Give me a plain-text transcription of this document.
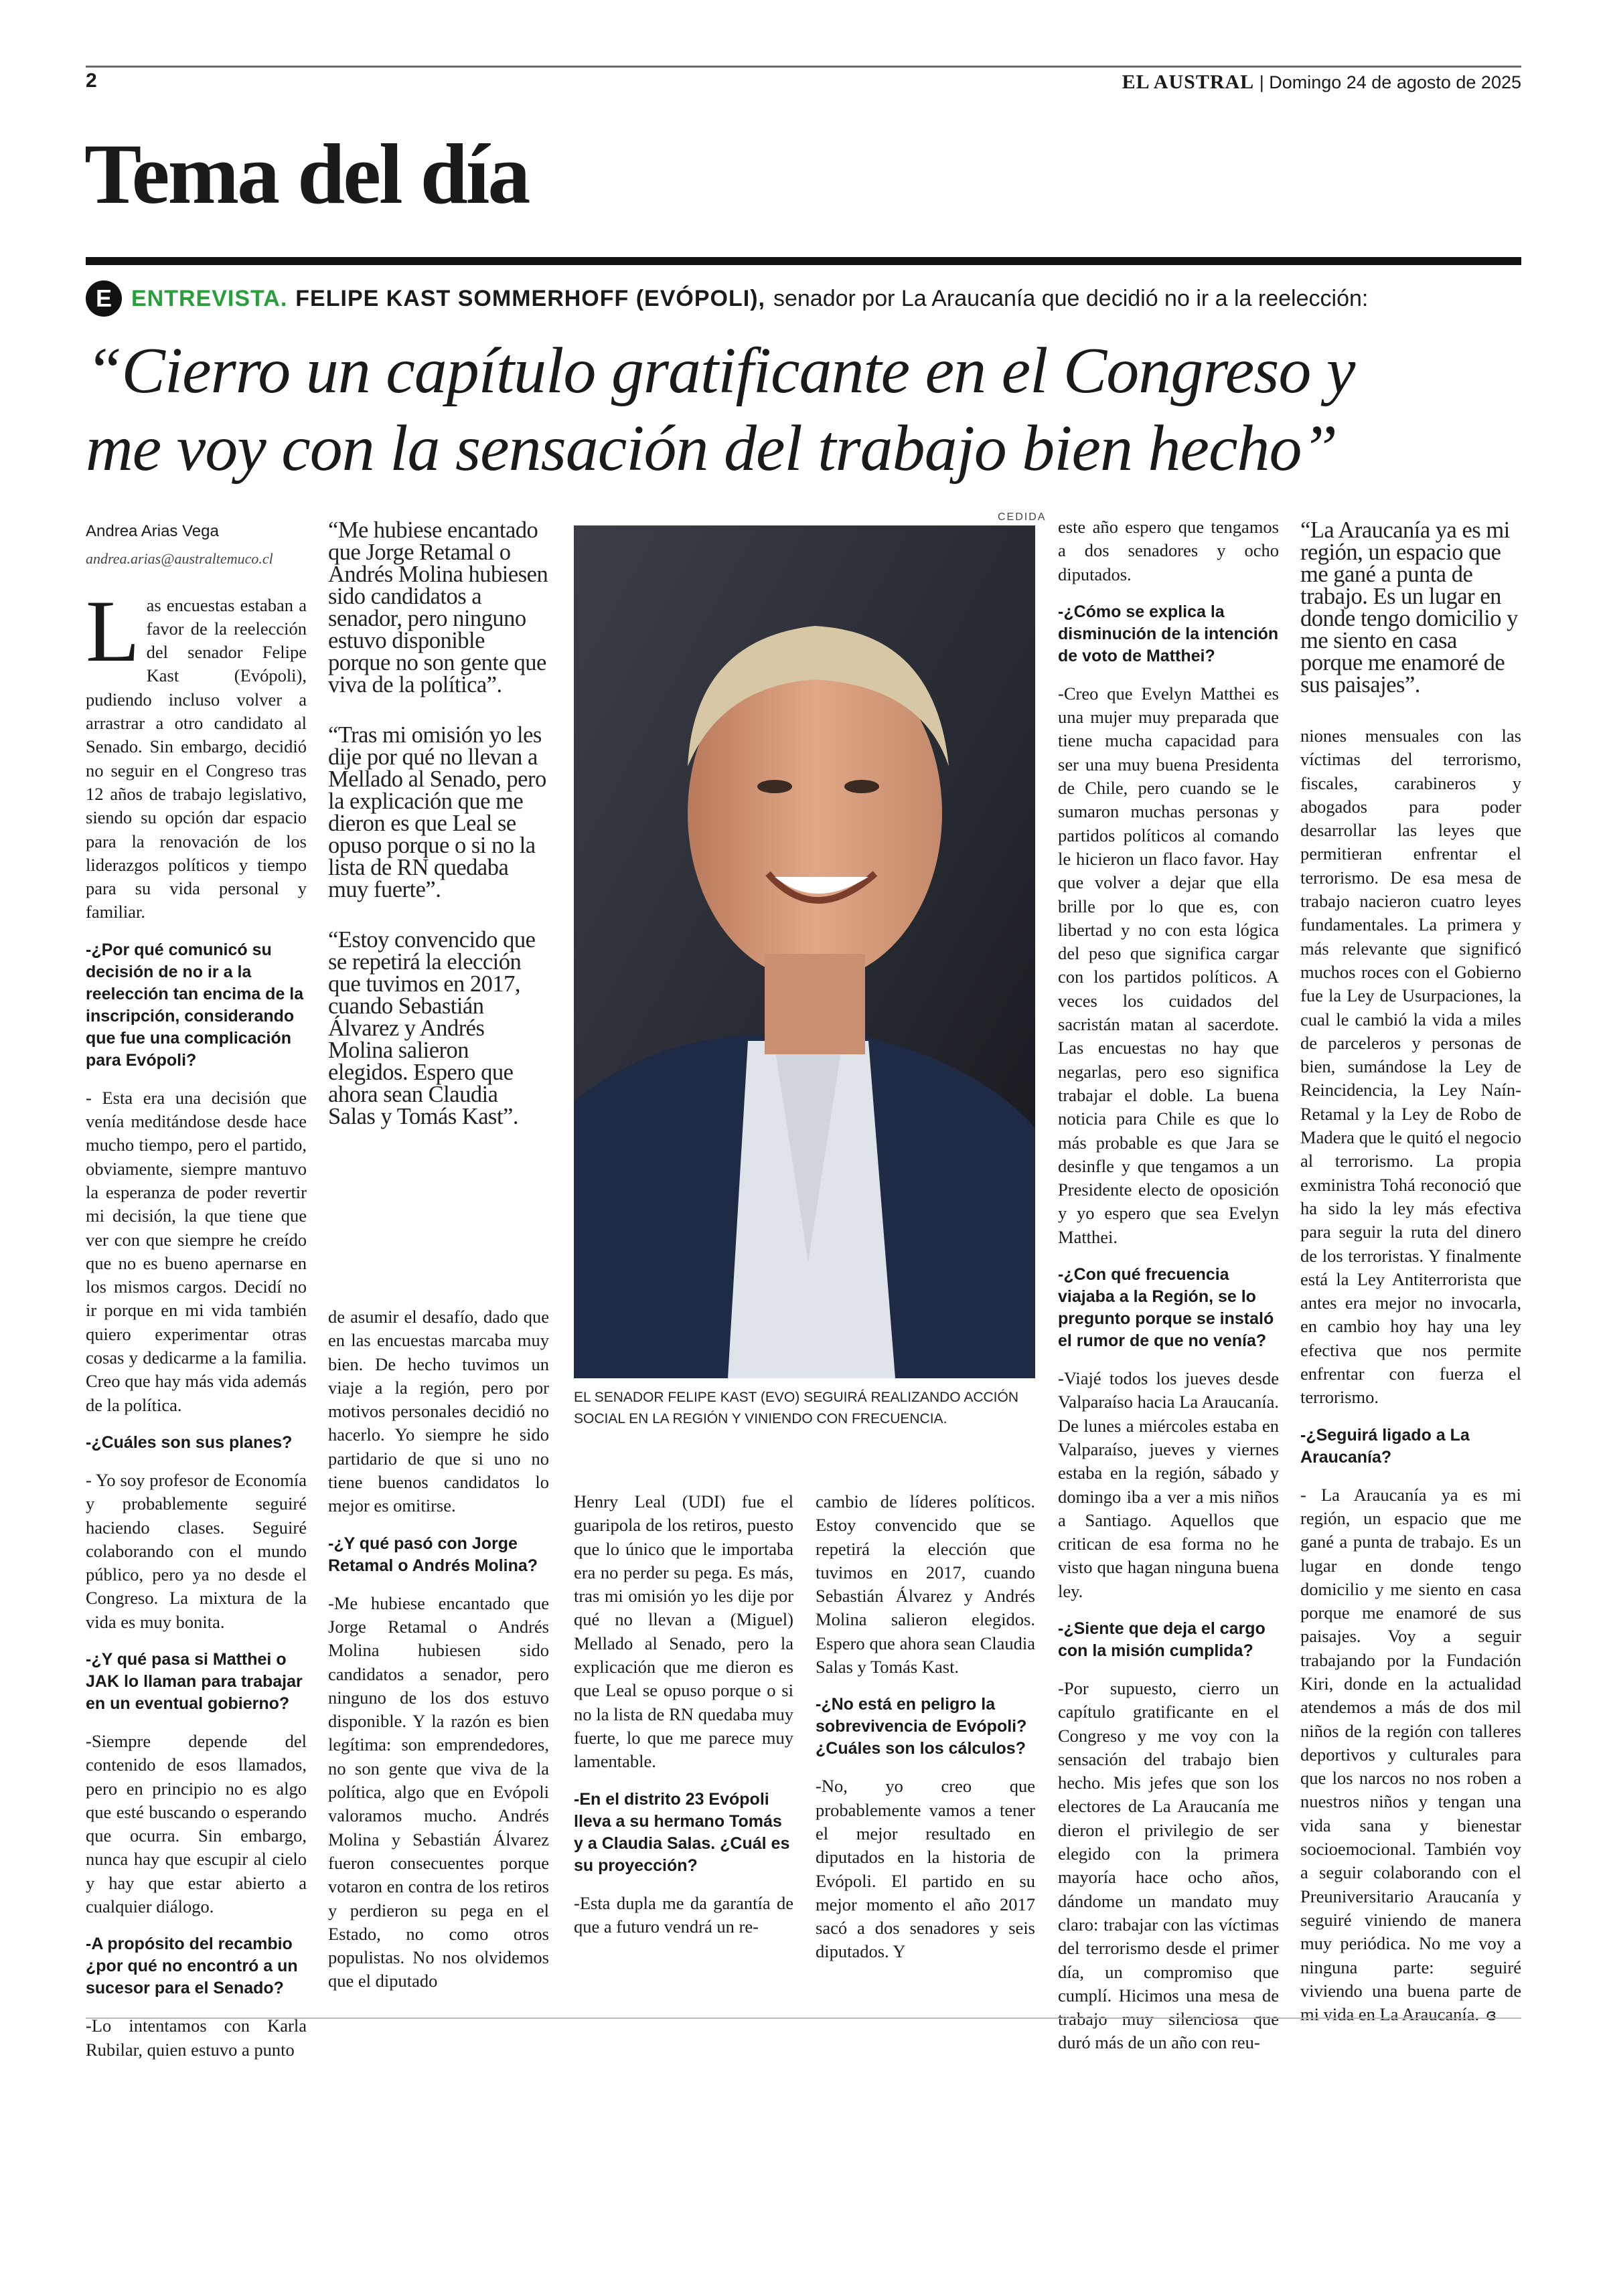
2	EL AUSTRAL | Domingo 24 de agosto de 2025
Tema del día
E ENTREVISTA. FELIPE KAST SOMMERHOFF (EVÓPOLI), senador por La Araucanía que decidió no ir a la reelección:
“Cierro un capítulo gratificante en el Congreso y
me voy con la sensación del trabajo bien hecho”
Andrea Arias Vega
andrea.arias@australtemuco.cl

Las encuestas estaban a favor de la reelección del senador Felipe Kast (Evópoli), pudiendo incluso volver a arrastrar a otro candidato al Senado. Sin embargo, decidió no seguir en el Congreso tras 12 años de trabajo legislativo, siendo su opción dar espacio para la renovación de los liderazgos políticos y tiempo para su vida personal y familiar.

-¿Por qué comunicó su decisión de no ir a la reelección tan encima de la inscripción, considerando que fue una complicación para Evópoli?

- Esta era una decisión que venía meditándose desde hace mucho tiempo, pero el partido, obviamente, siempre mantuvo la esperanza de poder revertir mi decisión, la que tiene que ver con que siempre he creído que no es bueno apernarse en los mismos cargos. Decidí no ir porque en mi vida también quiero experimentar otras cosas y dedicarme a la familia. Creo que hay más vida además de la política.

-¿Cuáles son sus planes?

- Yo soy profesor de Economía y probablemente seguiré haciendo clases. Seguiré colaborando con el mundo público, pero ya no desde el Congreso. La mixtura de la vida es muy bonita.

-¿Y qué pasa si Matthei o JAK lo llaman para trabajar en un eventual gobierno?

-Siempre depende del contenido de esos llamados, pero en principio no es algo que esté buscando o esperando que ocurra. Sin embargo, nunca hay que escupir al cielo y hay que estar abierto a cualquier diálogo.

-A propósito del recambio ¿por qué no encontró a un sucesor para el Senado?

-Lo intentamos con Karla Rubilar, quien estuvo a punto

“Me hubiese encantado que Jorge Retamal o Andrés Molina hubiesen sido candidatos a senador, pero ninguno estuvo disponible porque no son gente que viva de la política”.
“Tras mi omisión yo les dije por qué no llevan a Mellado al Senado, pero la explicación que me dieron es que Leal se opuso porque o si no la lista de RN quedaba muy fuerte”.
“Estoy convencido que se repetirá la elección que tuvimos en 2017, cuando Sebastián Álvarez y Andrés Molina salieron elegidos. Espero que ahora sean Claudia Salas y Tomás Kast”.

de asumir el desafío, dado que en las encuestas marcaba muy bien. De hecho tuvimos un viaje a la región, pero por motivos personales decidió no hacerlo. Yo siempre he sido partidario de que si uno no tiene buenos candidatos lo mejor es omitirse.

-¿Y qué pasó con Jorge Retamal o Andrés Molina?

-Me hubiese encantado que Jorge Retamal o Andrés Molina hubiesen sido candidatos a senador, pero ninguno de los dos estuvo disponible. Y la razón es bien legítima: son emprendedores, no son gente que viva de la política, algo que en Evópoli valoramos mucho. Andrés Molina y Sebastián Álvarez fueron consecuentes porque votaron en contra de los retiros y perdieron su pega en el Estado, no como otros populistas. No nos olvidemos que el diputado

CEDIDA
EL SENADOR FELIPE KAST (EVO) SEGUIRÁ REALIZANDO ACCIÓN SOCIAL EN LA REGIÓN Y VINIENDO CON FRECUENCIA.

Henry Leal (UDI) fue el guaripola de los retiros, puesto que lo único que le importaba era no perder su pega. Es más, tras mi omisión yo les dije por qué no llevan a (Miguel) Mellado al Senado, pero la explicación que me dieron es que Leal se opuso porque o si no la lista de RN quedaba muy fuerte, lo que me parece muy lamentable.

-En el distrito 23 Evópoli lleva a su hermano Tomás y a Claudia Salas. ¿Cuál es su proyección?

-Esta dupla me da garantía de que a futuro vendrá un re-

cambio de líderes políticos. Estoy convencido que se repetirá la elección que tuvimos en 2017, cuando Sebastián Álvarez y Andrés Molina salieron elegidos. Espero que ahora sean Claudia Salas y Tomás Kast.

-¿No está en peligro la sobrevivencia de Evópoli? ¿Cuáles son los cálculos?

-No, yo creo que probablemente vamos a tener el mejor resultado en diputados en la historia de Evópoli. El partido en su mejor momento el año 2017 sacó a dos senadores y seis diputados. Y

este año espero que tengamos a dos senadores y ocho diputados.

-¿Cómo se explica la disminución de la intención de voto de Matthei?

-Creo que Evelyn Matthei es una mujer muy preparada que tiene mucha capacidad para ser una muy buena Presidenta de Chile, pero cuando se le sumaron muchas personas y partidos políticos al comando le hicieron un flaco favor. Hay que volver a dejar que ella brille por lo que es, con libertad y no con esta lógica del peso que significa cargar con los partidos políticos. A veces los cuidados del sacristán matan al sacerdote. Las encuestas no hay que negarlas, pero eso significa trabajar el doble. La buena noticia para Chile es que lo más probable es que Jara se desinfle y que tengamos a un Presidente electo de oposición y yo espero que sea Evelyn Matthei.

-¿Con qué frecuencia viajaba a la Región, se lo pregunto porque se instaló el rumor de que no venía?

-Viajé todos los jueves desde Valparaíso hacia La Araucanía. De lunes a miércoles estaba en Valparaíso, jueves y viernes estaba en la región, sábado y domingo iba a ver a mis niños a Santiago. Aquellos que critican de esa forma no he visto que hagan ninguna buena ley.

-¿Siente que deja el cargo con la misión cumplida?

-Por supuesto, cierro un capítulo gratificante en el Congreso y me voy con la sensación del trabajo bien hecho. Mis jefes que son los electores de La Araucanía me dieron el privilegio de ser elegido con la primera mayoría hace ocho años, dándome un mandato muy claro: trabajar con las víctimas del terrorismo desde el primer día, un compromiso que cumplí. Hicimos una mesa de trabajo muy silenciosa que duró más de un año con reu-

“La Araucanía ya es mi región, un espacio que me gané a punta de trabajo. Es un lugar en donde tengo domicilio y me siento en casa porque me enamoré de sus paisajes”.

niones mensuales con las víctimas del terrorismo, fiscales, carabineros y abogados para poder desarrollar las leyes que permitieran enfrentar el terrorismo. De esa mesa de trabajo nacieron cuatro leyes fundamentales. La primera y más relevante que significó muchos roces con el Gobierno fue la Ley de Usurpaciones, la cual le cambió la vida a miles de parceleros y personas de bien, sumándose la Ley de Reincidencia, la Ley Naín-Retamal y la Ley de Robo de Madera que le quitó el negocio al terrorismo. La propia exministra Tohá reconoció que ha sido la ley más efectiva para seguir la ruta del dinero de los terroristas. Y finalmente está la Ley Antiterrorista que antes era mejor no invocarla, en cambio hoy hay una ley efectiva que nos permite enfrentar con fuerza el terrorismo.

-¿Seguirá ligado a La Araucanía?

- La Araucanía ya es mi región, un espacio que me gané a punta de trabajo. Es un lugar en donde tengo domicilio y me siento en casa porque me enamoré de sus paisajes. Voy a seguir trabajando por la Fundación Kiri, donde en la actualidad atendemos a más de dos mil niños de la región con talleres deportivos y culturales para que los narcos no nos roben a nuestros niños y tengan una vida sana y bienestar socioemocional. También voy a seguir colaborando con el Preuniversitario Araucanía y seguiré viniendo de manera muy periódica. No me voy a ninguna parte: seguiré viviendo una buena parte de mi vida en La Araucanía. ɞ
